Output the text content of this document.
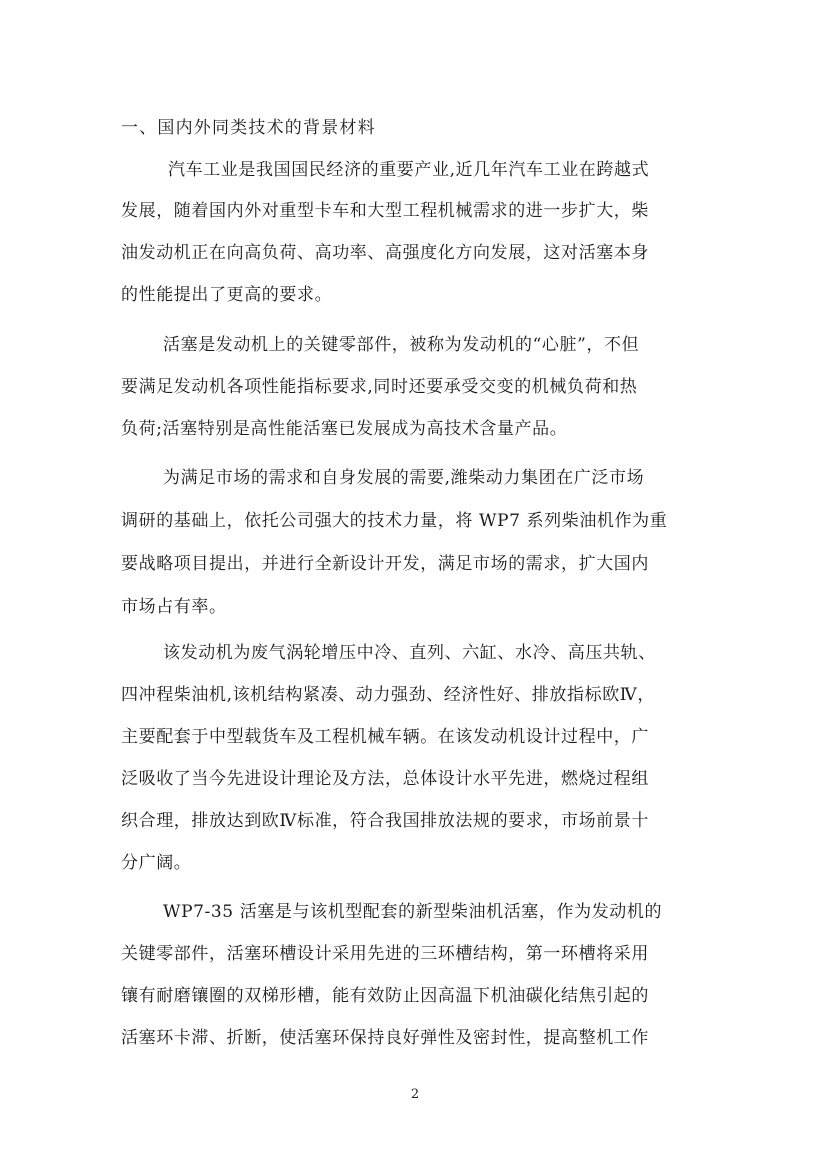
一、国内外同类技术的背景材料
汽车工业是我国国民经济的重要产业,近几年汽车工业在跨越式
发展，随着国内外对重型卡车和大型工程机械需求的进一步扩大，柴
油发动机正在向高负荷、高功率、高强度化方向发展，这对活塞本身
的性能提出了更高的要求。
活塞是发动机上的关键零部件，被称为发动机的“心脏”，不但
要满足发动机各项性能指标要求,同时还要承受交变的机械负荷和热
负荷;活塞特别是高性能活塞已发展成为高技术含量产品。
为满足市场的需求和自身发展的需要,潍柴动力集团在广泛市场
调研的基础上，依托公司强大的技术力量，将 WP7 系列柴油机作为重
要战略项目提出，并进行全新设计开发，满足市场的需求，扩大国内
市场占有率。
该发动机为废气涡轮增压中冷、直列、六缸、水冷、高压共轨、
四冲程柴油机,该机结构紧凑、动力强劲、经济性好、排放指标欧Ⅳ，
主要配套于中型载货车及工程机械车辆。在该发动机设计过程中，广
泛吸收了当今先进设计理论及方法，总体设计水平先进，燃烧过程组
织合理，排放达到欧Ⅳ标准，符合我国排放法规的要求，市场前景十
分广阔。
WP7-35 活塞是与该机型配套的新型柴油机活塞，作为发动机的
关键零部件，活塞环槽设计采用先进的三环槽结构，第一环槽将采用
镶有耐磨镶圈的双梯形槽，能有效防止因高温下机油碳化结焦引起的
活塞环卡滞、折断，使活塞环保持良好弹性及密封性，提高整机工作
2
